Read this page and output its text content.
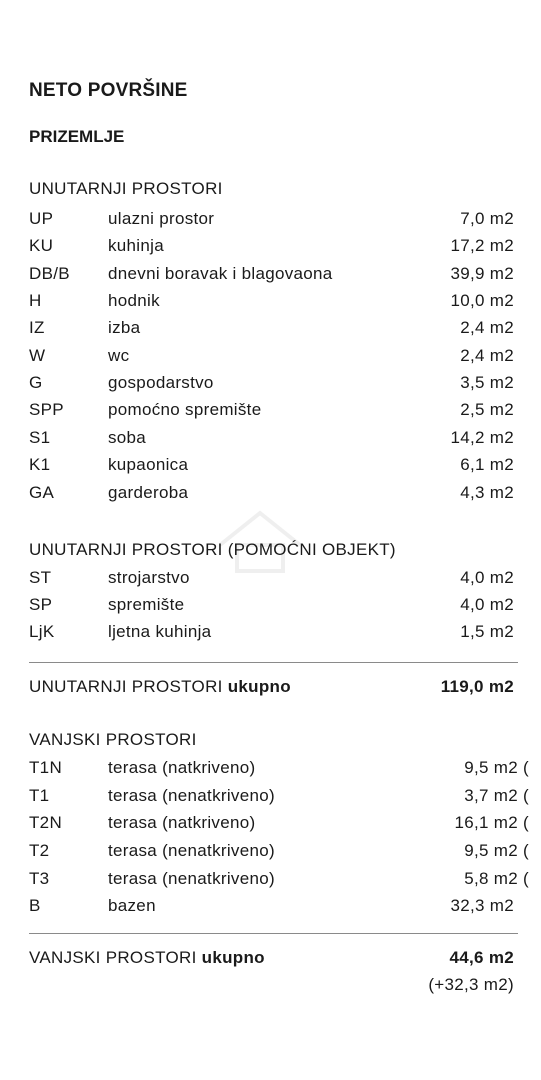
NETO POVRŠINE
PRIZEMLJE
UNUTARNJI PROSTORI
UP	ulazni prostor	7,0 m2
KU	kuhinja	17,2 m2
DB/B dnevni boravak i blagovaona	39,9 m2
H	hodnik	10,0 m2
IZ	izba	2,4 m2
W	wc	2,4 m2
G	gospodarstvo	3,5 m2
SPP	pomoćno spremište	2,5 m2
S1	soba	14,2 m2
K1	kupaonica	6,1 m2
GA	garderoba	4,3 m2
UNUTARNJI PROSTORI (POMOĆNI OBJEKT)
ST	strojarstvo	4,0 m2
SP	spremište	4,0 m2
LjK	ljetna kuhinja	1,5 m2
UNUTARNJI PROSTORI ukupno	119,0 m2
VANJSKI PROSTORI
T1N	terasa (natkriveno)	9,5 m2 (
T1	terasa (nenatkriveno)	3,7 m2 (
T2N	terasa (natkriveno)	16,1 m2 (
T2	terasa (nenatkriveno)	9,5 m2 (
T3	terasa (nenatkriveno)	5,8 m2 (
B	bazen	32,3 m2
VANJSKI PROSTORI ukupno	44,6 m2
(+32,3 m2)
